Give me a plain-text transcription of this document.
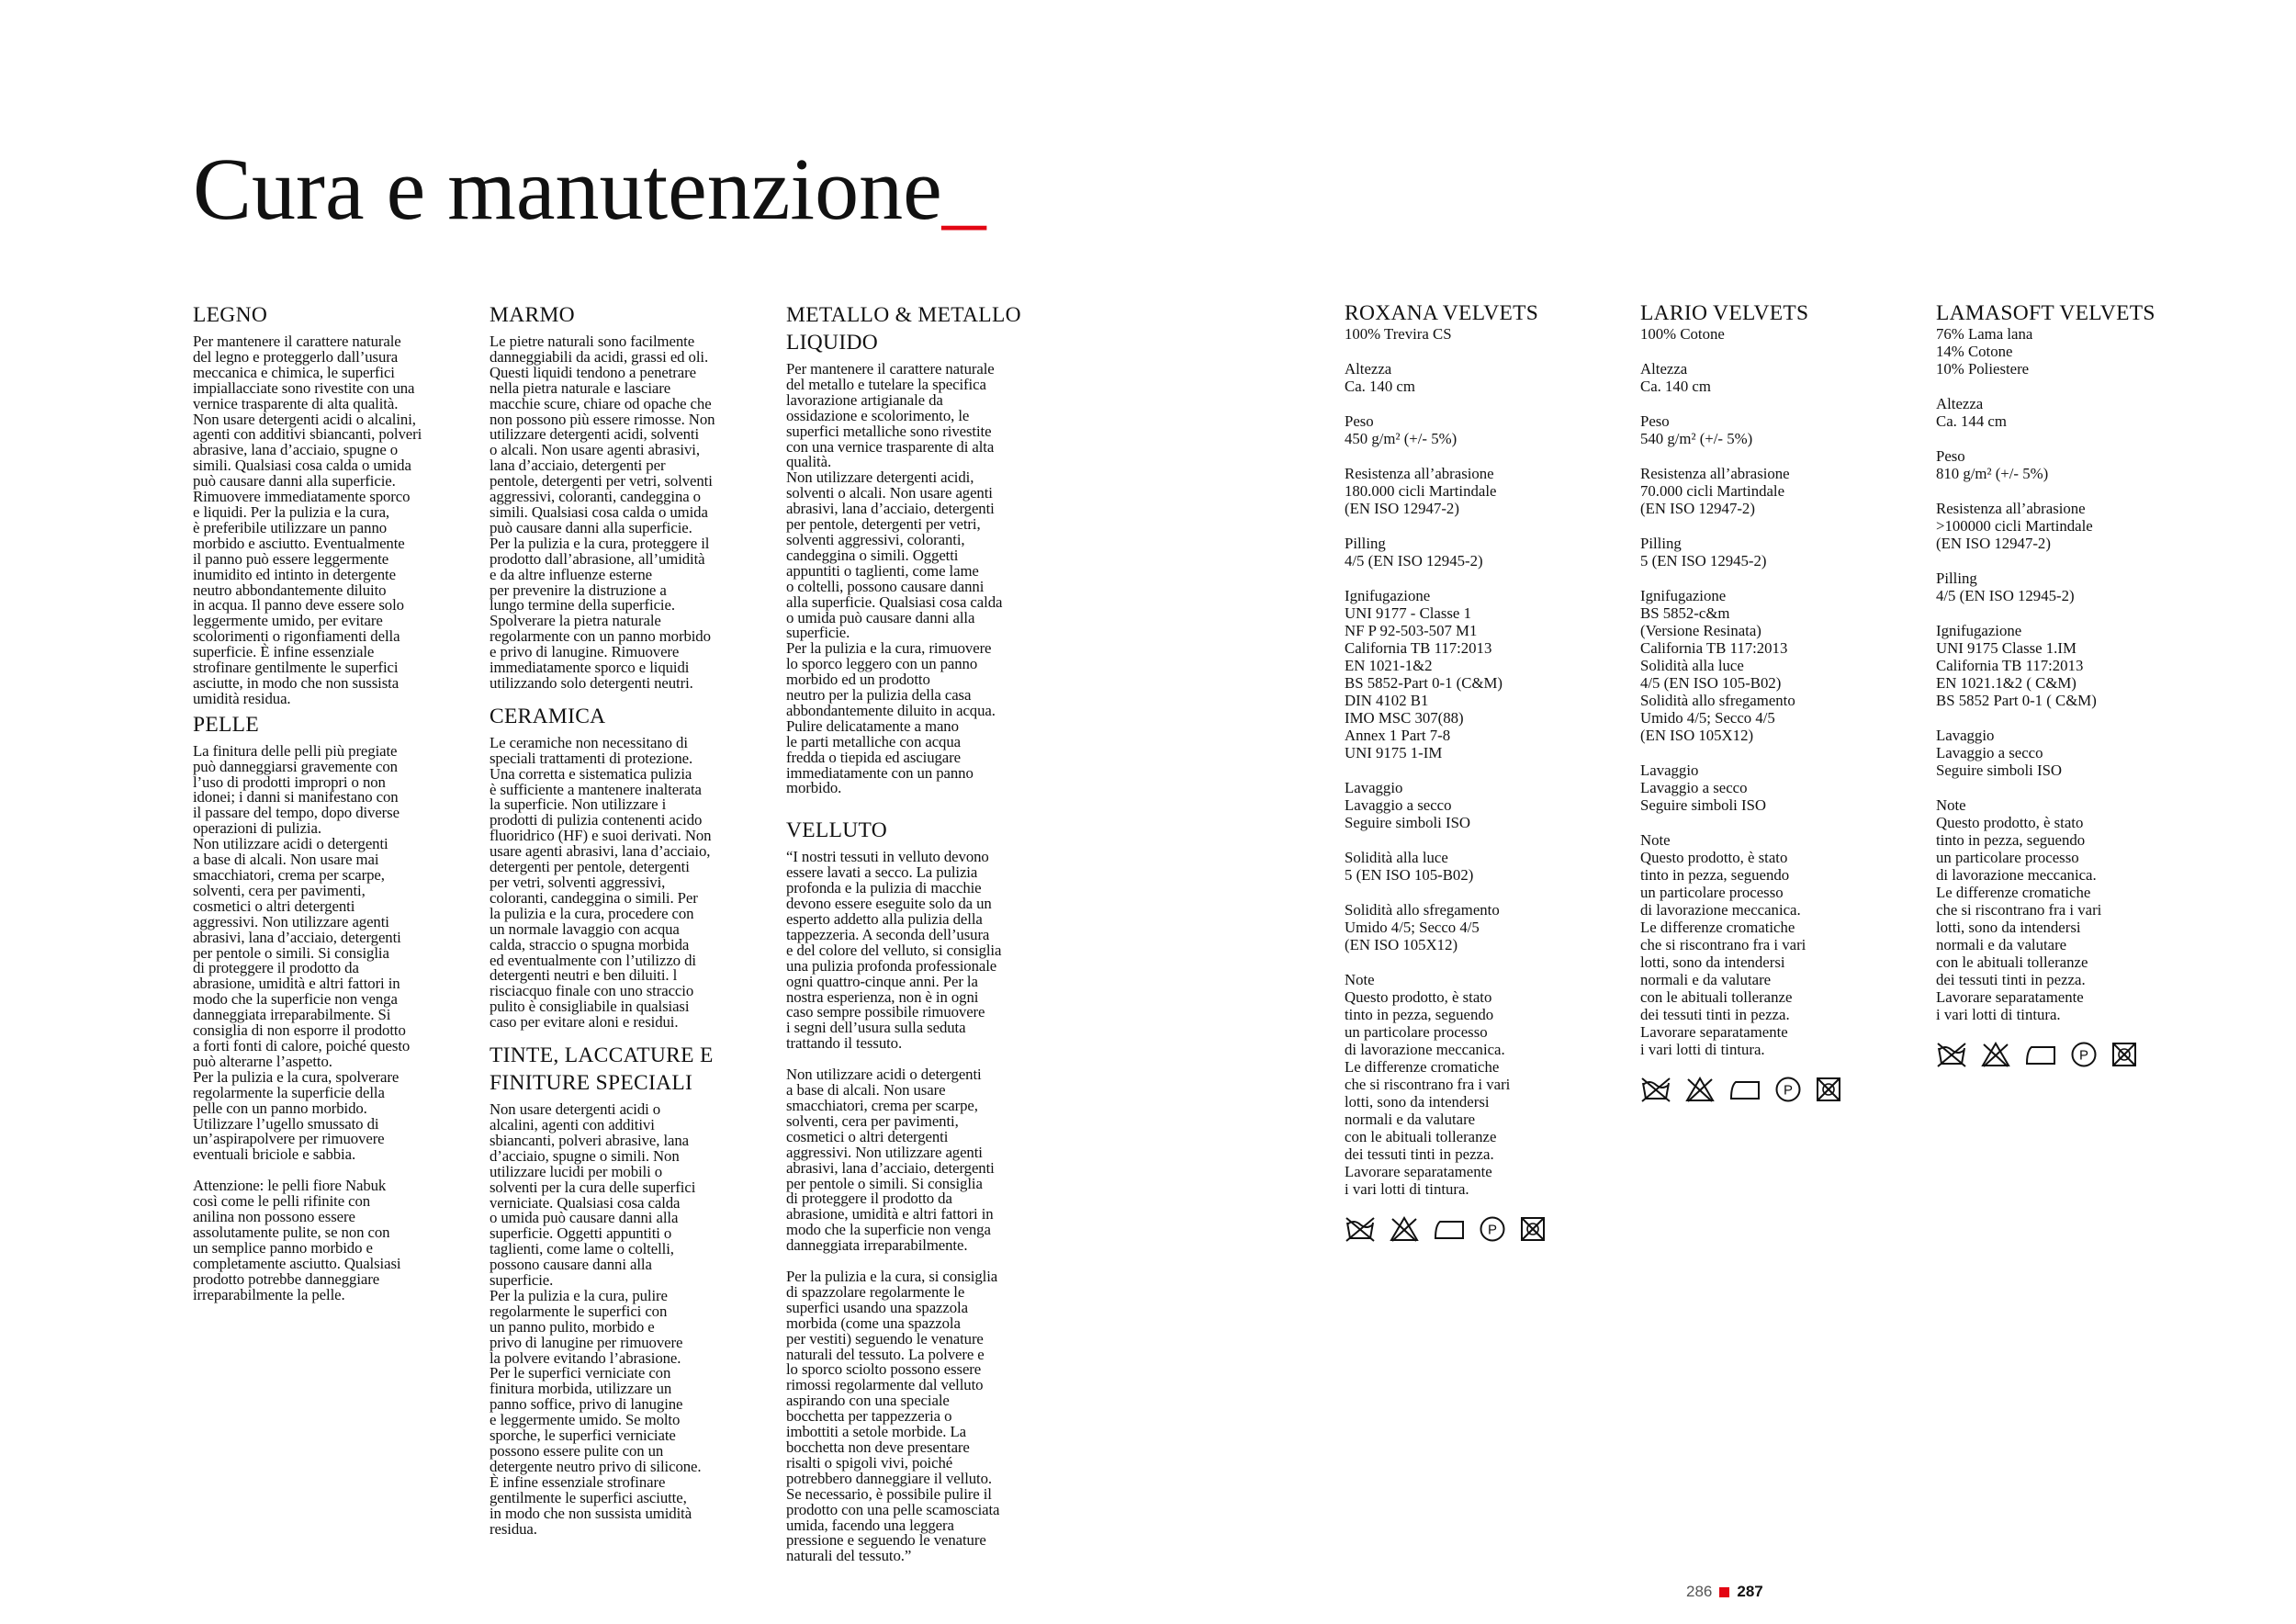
Cura e manutenzione_
LEGNO

Per mantenere il carattere naturale
del legno e proteggerlo dall’usura
meccanica e chimica, le superfici
impiallacciate sono rivestite con una
vernice trasparente di alta qualità.
Non usare detergenti acidi o alcalini,
agenti con additivi sbiancanti, polveri
abrasive, lana d’acciaio, spugne o
simili. Qualsiasi cosa calda o umida
può causare danni alla superficie.
Rimuovere immediatamente sporco
e liquidi. Per la pulizia e la cura,
è preferibile utilizzare un panno
morbido e asciutto. Eventualmente
il panno può essere leggermente
inumidito ed intinto in detergente
neutro abbondantemente diluito
in acqua. Il panno deve essere solo
leggermente umido, per evitare
scolorimenti o rigonfiamenti della
superficie. È infine essenziale
strofinare gentilmente le superfici
asciutte, in modo che non sussista
umidità residua.

PELLE

La finitura delle pelli più pregiate
può danneggiarsi gravemente con
l’uso di prodotti impropri o non
idonei; i danni si manifestano con
il passare del tempo, dopo diverse
operazioni di pulizia.
Non utilizzare acidi o detergenti
a base di alcali. Non usare mai
smacchiatori, crema per scarpe,
solventi, cera per pavimenti,
cosmetici o altri detergenti
aggressivi. Non utilizzare agenti
abrasivi, lana d’acciaio, detergenti
per pentole o simili. Si consiglia
di proteggere il prodotto da
abrasione, umidità e altri fattori in
modo che la superficie non venga
danneggiata irreparabilmente. Si
consiglia di non esporre il prodotto
a forti fonti di calore, poiché questo
può alterarne l’aspetto.
Per la pulizia e la cura, spolverare
regolarmente la superficie della
pelle con un panno morbido.
Utilizzare l’ugello smussato di
un’aspirapolvere per rimuovere
eventuali briciole e sabbia.

Attenzione: le pelli fiore Nabuk
così come le pelli rifinite con
anilina non possono essere
assolutamente pulite, se non con
un semplice panno morbido e
completamente asciutto. Qualsiasi
prodotto potrebbe danneggiare
irreparabilmente la pelle.

MARMO

Le pietre naturali sono facilmente
danneggiabili da acidi, grassi ed oli.
Questi liquidi tendono a penetrare
nella pietra naturale e lasciare
macchie scure, chiare od opache che
non possono più essere rimosse. Non
utilizzare detergenti acidi, solventi
o alcali. Non usare agenti abrasivi,
lana d’acciaio, detergenti per
pentole, detergenti per vetri, solventi
aggressivi, coloranti, candeggina o
simili. Qualsiasi cosa calda o umida
può causare danni alla superficie.
Per la pulizia e la cura, proteggere il
prodotto dall’abrasione, all’umidità
e da altre influenze esterne
per prevenire la distruzione a
lungo termine della superficie.
Spolverare la pietra naturale
regolarmente con un panno morbido
e privo di lanugine. Rimuovere
immediatamente sporco e liquidi
utilizzando solo detergenti neutri.

CERAMICA

Le ceramiche non necessitano di
speciali trattamenti di protezione.
Una corretta e sistematica pulizia
è sufficiente a mantenere inalterata
la superficie. Non utilizzare i
prodotti di pulizia contenenti acido
fluoridrico (HF) e suoi derivati. Non
usare agenti abrasivi, lana d’acciaio,
detergenti per pentole, detergenti
per vetri, solventi aggressivi,
coloranti, candeggina o simili. Per
la pulizia e la cura, procedere con
un normale lavaggio con acqua
calda, straccio o spugna morbida
ed eventualmente con l’utilizzo di
detergenti neutri e ben diluiti. l
risciacquo finale con uno straccio
pulito è consigliabile in qualsiasi
caso per evitare aloni e residui.

TINTE, LACCATURE E
FINITURE SPECIALI

Non usare detergenti acidi o
alcalini, agenti con additivi
sbiancanti, polveri abrasive, lana
d’acciaio, spugne o simili. Non
utilizzare lucidi per mobili o
solventi per la cura delle superfici
verniciate. Qualsiasi cosa calda
o umida può causare danni alla
superficie. Oggetti appuntiti o
taglienti, come lame o coltelli,
possono causare danni alla
superficie.
Per la pulizia e la cura, pulire
regolarmente le superfici con
un panno pulito, morbido e
privo di lanugine per rimuovere
la polvere evitando l’abrasione.
Per le superfici verniciate con
finitura morbida, utilizzare un
panno soffice, privo di lanugine
e leggermente umido. Se molto
sporche, le superfici verniciate
possono essere pulite con un
detergente neutro privo di silicone.
È infine essenziale strofinare
gentilmente le superfici asciutte,
in modo che non sussista umidità
residua.

METALLO & METALLO
LIQUIDO

Per mantenere il carattere naturale
del metallo e tutelare la specifica
lavorazione artigianale da
ossidazione e scolorimento, le
superfici metalliche sono rivestite
con una vernice trasparente di alta
qualità.
Non utilizzare detergenti acidi,
solventi o alcali. Non usare agenti
abrasivi, lana d’acciaio, detergenti
per pentole, detergenti per vetri,
solventi aggressivi, coloranti,
candeggina o simili. Oggetti
appuntiti o taglienti, come lame
o coltelli, possono causare danni
alla superficie. Qualsiasi cosa calda
o umida può causare danni alla
superficie.
Per la pulizia e la cura, rimuovere
lo sporco leggero con un panno
morbido ed un prodotto
neutro per la pulizia della casa
abbondantemente diluito in acqua.
Pulire delicatamente a mano
le parti metalliche con acqua
fredda o tiepida ed asciugare
immediatamente con un panno
morbido.

VELLUTO

“I nostri tessuti in velluto devono
essere lavati a secco. La pulizia
profonda e la pulizia di macchie
devono essere eseguite solo da un
esperto addetto alla pulizia della
tappezzeria. A seconda dell’usura
e del colore del velluto, si consiglia
una pulizia profonda professionale
ogni quattro-cinque anni. Per la
nostra esperienza, non è in ogni
caso sempre possibile rimuovere
i segni dell’usura sulla seduta
trattando il tessuto.

Non utilizzare acidi o detergenti
a base di alcali. Non usare
smacchiatori, crema per scarpe,
solventi, cera per pavimenti,
cosmetici o altri detergenti
aggressivi. Non utilizzare agenti
abrasivi, lana d’acciaio, detergenti
per pentole o simili. Si consiglia
di proteggere il prodotto da
abrasione, umidità e altri fattori in
modo che la superficie non venga
danneggiata irreparabilmente.

Per la pulizia e la cura, si consiglia
di spazzolare regolarmente le
superfici usando una spazzola
morbida (come una spazzola
per vestiti) seguendo le venature
naturali del tessuto. La polvere e
lo sporco sciolto possono essere
rimossi regolarmente dal velluto
aspirando con una speciale
bocchetta per tappezzeria o
imbottiti a setole morbide. La
bocchetta non deve presentare
risalti o spigoli vivi, poiché
potrebbero danneggiare il velluto.
Se necessario, è possibile pulire il
prodotto con una pelle scamosciata
umida, facendo una leggera
pressione e seguendo le venature
naturali del tessuto.”

ROXANA VELVETS

100% Trevira CS

Altezza

Ca. 140 cm

Peso

450 g/m² (+/- 5%)

Resistenza all’abrasione

180.000 cicli Martindale
(EN ISO 12947-2)

Pilling

4/5 (EN ISO 12945-2)

Ignifugazione

UNI 9177 - Classe 1
NF P 92-503-507 M1
California TB 117:2013
EN 1021-1&2
BS 5852-Part 0-1 (C&M)
DIN 4102 B1
IMO MSC 307(88)
Annex 1 Part 7-8
UNI 9175 1-IM

Lavaggio

Lavaggio a secco
Seguire simboli ISO

Solidità alla luce

5 (EN ISO 105-B02)

Solidità allo sfregamento

Umido 4/5; Secco 4/5
(EN ISO 105X12)

Note

Questo prodotto, è stato
tinto in pezza, seguendo
un particolare processo
di lavorazione meccanica.
Le differenze cromatiche
che si riscontrano fra i vari
lotti, sono da intendersi
normali e da valutare
con le abituali tolleranze
dei tessuti tinti in pezza.
Lavorare separatamente
i vari lotti di tintura.

P
LARIO VELVETS

100% Cotone

Altezza

Ca. 140 cm

Peso

540 g/m² (+/- 5%)

Resistenza all’abrasione

70.000 cicli Martindale
(EN ISO 12947-2)

Pilling

5 (EN ISO 12945-2)

Ignifugazione

BS 5852-c&m
(Versione Resinata)
California TB 117:2013
Solidità alla luce
4/5 (EN ISO 105-B02)
Solidità allo sfregamento
Umido 4/5; Secco 4/5
(EN ISO 105X12)

Lavaggio

Lavaggio a secco
Seguire simboli ISO

Note

Questo prodotto, è stato
tinto in pezza, seguendo
un particolare processo
di lavorazione meccanica.
Le differenze cromatiche
che si riscontrano fra i vari
lotti, sono da intendersi
normali e da valutare
con le abituali tolleranze
dei tessuti tinti in pezza.
Lavorare separatamente
i vari lotti di tintura.

P
LAMASOFT VELVETS

76% Lama lana
14% Cotone
10% Poliestere

Altezza

Ca. 144 cm

Peso

810 g/m² (+/- 5%)

Resistenza all’abrasione

>100000 cicli Martindale
(EN ISO 12947-2)

Pilling

4/5 (EN ISO 12945-2)

Ignifugazione

UNI 9175 Classe 1.IM
California TB 117:2013
EN 1021.1&2 ( C&M)
BS 5852 Part 0-1 ( C&M)

Lavaggio

Lavaggio a secco
Seguire simboli ISO

Note

Questo prodotto, è stato
tinto in pezza, seguendo
un particolare processo
di lavorazione meccanica.
Le differenze cromatiche
che si riscontrano fra i vari
lotti, sono da intendersi
normali e da valutare
con le abituali tolleranze
dei tessuti tinti in pezza.
Lavorare separatamente
i vari lotti di tintura.

P
286 287
